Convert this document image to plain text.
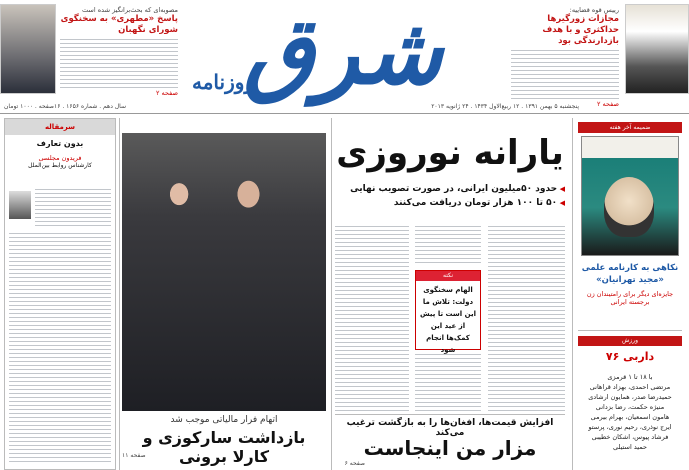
شرق
روزنامه
مصوبه‌ای که بحث‌برانگیز شده است
پاسخ «مطهری» به سخنگوی شورای نگهبان
صفحه ۲
رییس قوه قضاییه:
مجازات زورگیرها حداکثری و با هدف بازدارندگی بود
صفحه ۲
پنجشنبه ۵ بهمن ۱۳۹۱ . ۱۲ ربیع‌الاول ۱۴۳۴ . ۲۴ ژانویه ۲۰۱۳
سال دهم . شماره ۱۶۵۶ . ۱۶صفحه . ۱۰۰۰ تومان
سرمقاله
بدون تعارف
فریدون مجلسی
کارشناس روابط بین‌الملل
اتهام فرار مالیاتی موجب شد
بازداشت سارکوزی و کارلا برونی
صفحه ۱۱
یارانه نوروزی
◀ حدود ۵۰میلیون ایرانی، در صورت تصویب نهایی
◀ ۵۰ تا ۱۰۰ هزار تومان دریافت می‌کنند
نکته
الهام سخنگوی دولت: تلاش ما این است تا پیش از عید این کمک‌ها انجام شود
افزایش قیمت‌ها، افغان‌ها را به بازگشت ترغیب می‌کند
مزار من اینجاست
صفحه ۶
ضمیمه آخر هفته
نکاهی به کارنامه علمی «مجید تهرانیان»
جایزه‌ای دیگر برای رامتیندان زن برجسته ایرانی
ورزش
داربی ۷۶
با ۱۸ تا ۱ قرمزی
مرتضی احمدی، بهزاد قراهانی
حمیدرضا صدر، همایون ارشادی
منیژه حکمت، رضا بزدانی
هامون اسمعیان، بهرام بیرمی
ایرج نوذری، رحیم نوری، پرستو
فرشاد پیوس، اشکان خطیبی
حمید استیلی
